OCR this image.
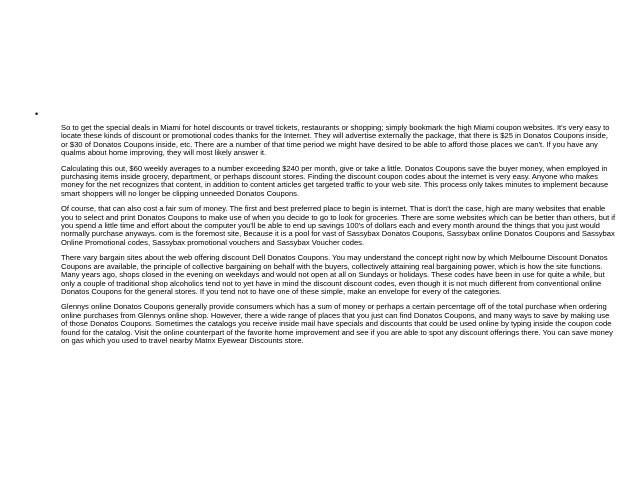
•

So to get the special deals in Miami for hotel discounts or travel tickets, restaurants or shopping; simply bookmark the high Miami coupon websites. It's very easy to locate these kinds of discount or promotional codes thanks for the Internet. They will advertise externally the package, that there is $25 in Donatos Coupons inside, or $30 of Donatos Coupons inside, etc. There are a number of that time period we might have desired to be able to afford those places we can't. If you have any qualms about home improving, they will most likely answer it.

Calculating this out, $60 weekly averages to a number exceeding $240 per month, give or take a little. Donatos Coupons save the buyer money, when employed in purchasing items inside grocery, department, or perhaps discount stores. Finding the discount coupon codes about the internet is very easy. Anyone who makes money for the net recognizes that content, in addition to content articles get targeted traffic to your web site. This process only takes minutes to implement because smart shoppers will no longer be clipping unneeded Donatos Coupons.

Of course, that can also cost a fair sum of money. The first and best preferred place to begin is internet. That is don't the case, high are many websites that enable you to select and print Donatos Coupons to make use of when you decide to go to look for groceries. There are some websites which can be better than others, but if you spend a little time and effort about the computer you'll be able to end up savings 100's of dollars each and every month around the things that you just would normally purchase anyways. com is the foremost site, Because it is a pool for vast of Sassybax Donatos Coupons, Sassybax online Donatos Coupons and Sassybax Online Promotional codes, Sassybax promotional vouchers and Sassybax Voucher codes.

There vary bargain sites about the web offering discount Dell Donatos Coupons. You may understand the concept right now by which Melbourne Discount Donatos Coupons are available, the principle of collective bargaining on behalf with the buyers, collectively attaining real bargaining power, which is how the site functions. Many years ago, shops closed in the evening on weekdays and would not open at all on Sundays or holidays. These codes have been in use for quite a while, but only a couple of traditional shop alcoholics tend not to yet have in mind the discount discount codes, even though it is not much different from conventional online Donatos Coupons for the general stores. If you tend not to have one of these simple, make an envelope for every of the categories.

Glennys online Donatos Coupons generally provide consumers which has a sum of money or perhaps a certain percentage off of the total purchase when ordering online purchases from Glennys online shop. However, there a wide range of places that you just can find Donatos Coupons, and many ways to save by making use of those Donatos Coupons. Sometimes the catalogs you receive inside mail have specials and discounts that could be used online by typing inside the coupon code found for the catalog. Visit the online counterpart of the favorite home improvement and see if you are able to spot any discount offerings there. You can save money on gas which you used to travel nearby Matrix Eyewear Discounts store.
